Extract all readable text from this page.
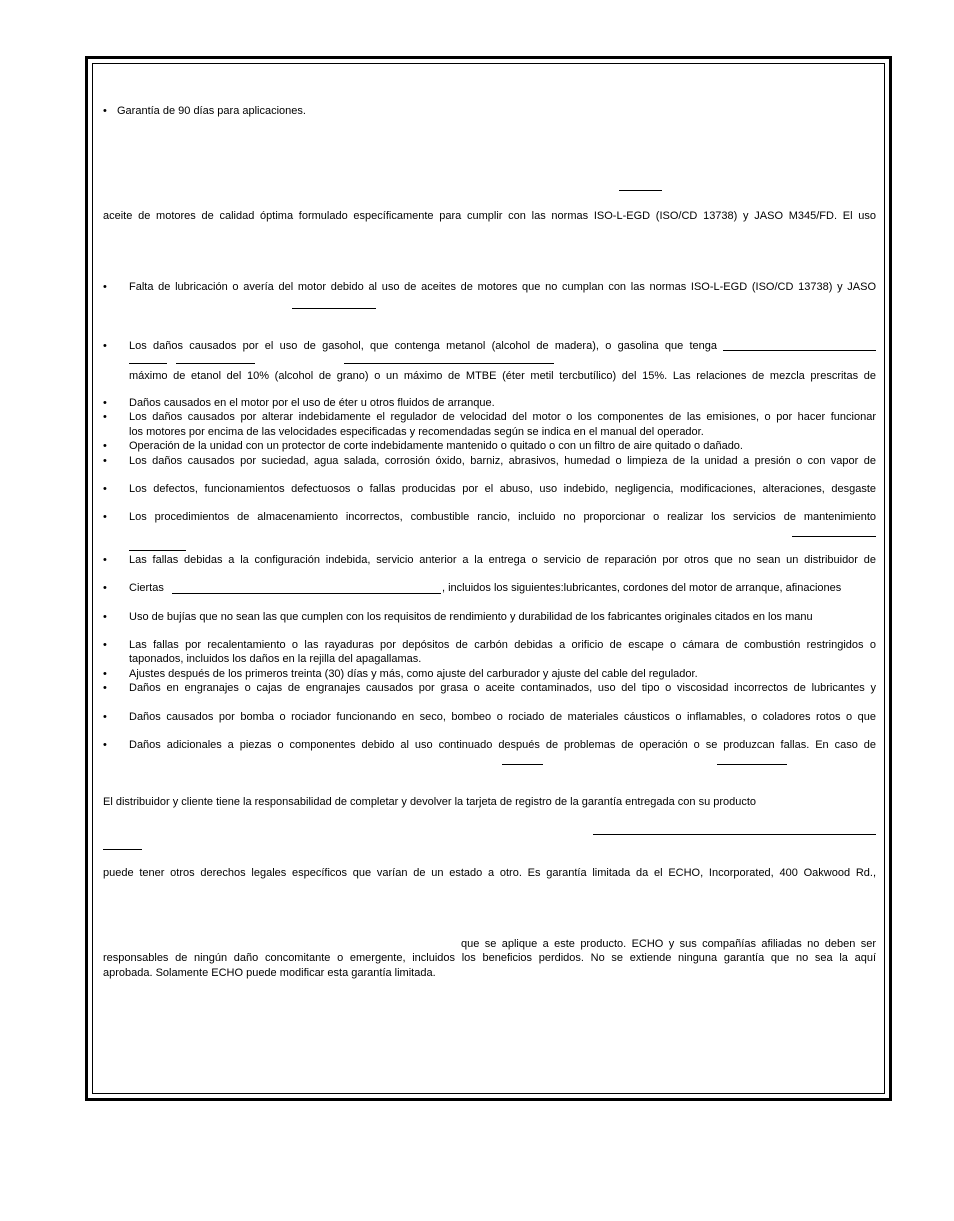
• Garantía de 90 días para aplicaciones.
aceite de motores de calidad óptima formulado específicamente para cumplir con las normas ISO-L-EGD (ISO/CD 13738) y JASO M345/FD. El uso
• Falta de lubricación o avería del motor debido al uso de aceites de motores que no cumplan con las normas ISO-L-EGD (ISO/CD 13738) y JASO
• Los daños causados por el uso de gasohol, que contenga metanol (alcohol de madera), o gasolina que tenga
máximo de etanol del 10% (alcohol de grano) o un máximo de MTBE (éter metil tercbutílico) del 15%. Las relaciones de mezcla prescritas de
• Daños causados en el motor por el uso de éter u otros fluidos de arranque.
• Los daños causados por alterar indebidamente el regulador de velocidad del motor o los componentes de las emisiones, o por hacer funcionar
los motores por encima de las velocidades especificadas y recomendadas según se indica en el manual del operador.
• Operación de la unidad con un protector de corte indebidamente mantenido o quitado o con un filtro de aire quitado o dañado.
• Los daños causados por suciedad, agua salada, corrosión óxido, barniz, abrasivos, humedad o limpieza de la unidad a presión o con vapor de
• Los defectos, funcionamientos defectuosos o fallas producidas por el abuso, uso indebido, negligencia, modificaciones, alteraciones, desgaste
• Los procedimientos de almacenamiento incorrectos, combustible rancio, incluido no proporcionar o realizar los servicios de mantenimiento
• Las fallas debidas a la configuración indebida, servicio anterior a la entrega o servicio de reparación por otros que no sean un distribuidor de
• Ciertas	, incluidos los siguientes:lubricantes, cordones del motor de arranque, afinaciones
• Uso de bujías que no sean las que cumplen con los requisitos de rendimiento y durabilidad de los fabricantes originales citados en los manu
• Las fallas por recalentamiento o las rayaduras por depósitos de carbón debidas a orificio de escape o cámara de combustión restringidos o
taponados, incluidos los daños en la rejilla del apagallamas.
• Ajustes después de los primeros treinta (30) días y más, como ajuste del carburador y ajuste del cable del regulador.
• Daños en engranajes o cajas de engranajes causados por grasa o aceite contaminados, uso del tipo o viscosidad incorrectos de lubricantes y
• Daños causados por bomba o rociador funcionando en seco, bombeo o rociado de materiales cáusticos o inflamables, o coladores rotos o que
• Daños adicionales a piezas o componentes debido al uso continuado después de problemas de operación o se produzcan fallas. En caso de
El distribuidor y cliente tiene la responsabilidad de completar y devolver la tarjeta de registro de la garantía entregada con su producto
puede tener otros derechos legales específicos que varían de un estado a otro. Es garantía limitada da el ECHO, Incorporated, 400 Oakwood Rd.,
que se aplique a este producto. ECHO y sus compañías afiliadas no deben ser
responsables de ningún daño concomitante o emergente, incluidos los beneficios perdidos. No se extiende ninguna garantía que no sea la aquí
aprobada. Solamente ECHO puede modificar esta garantía limitada.
